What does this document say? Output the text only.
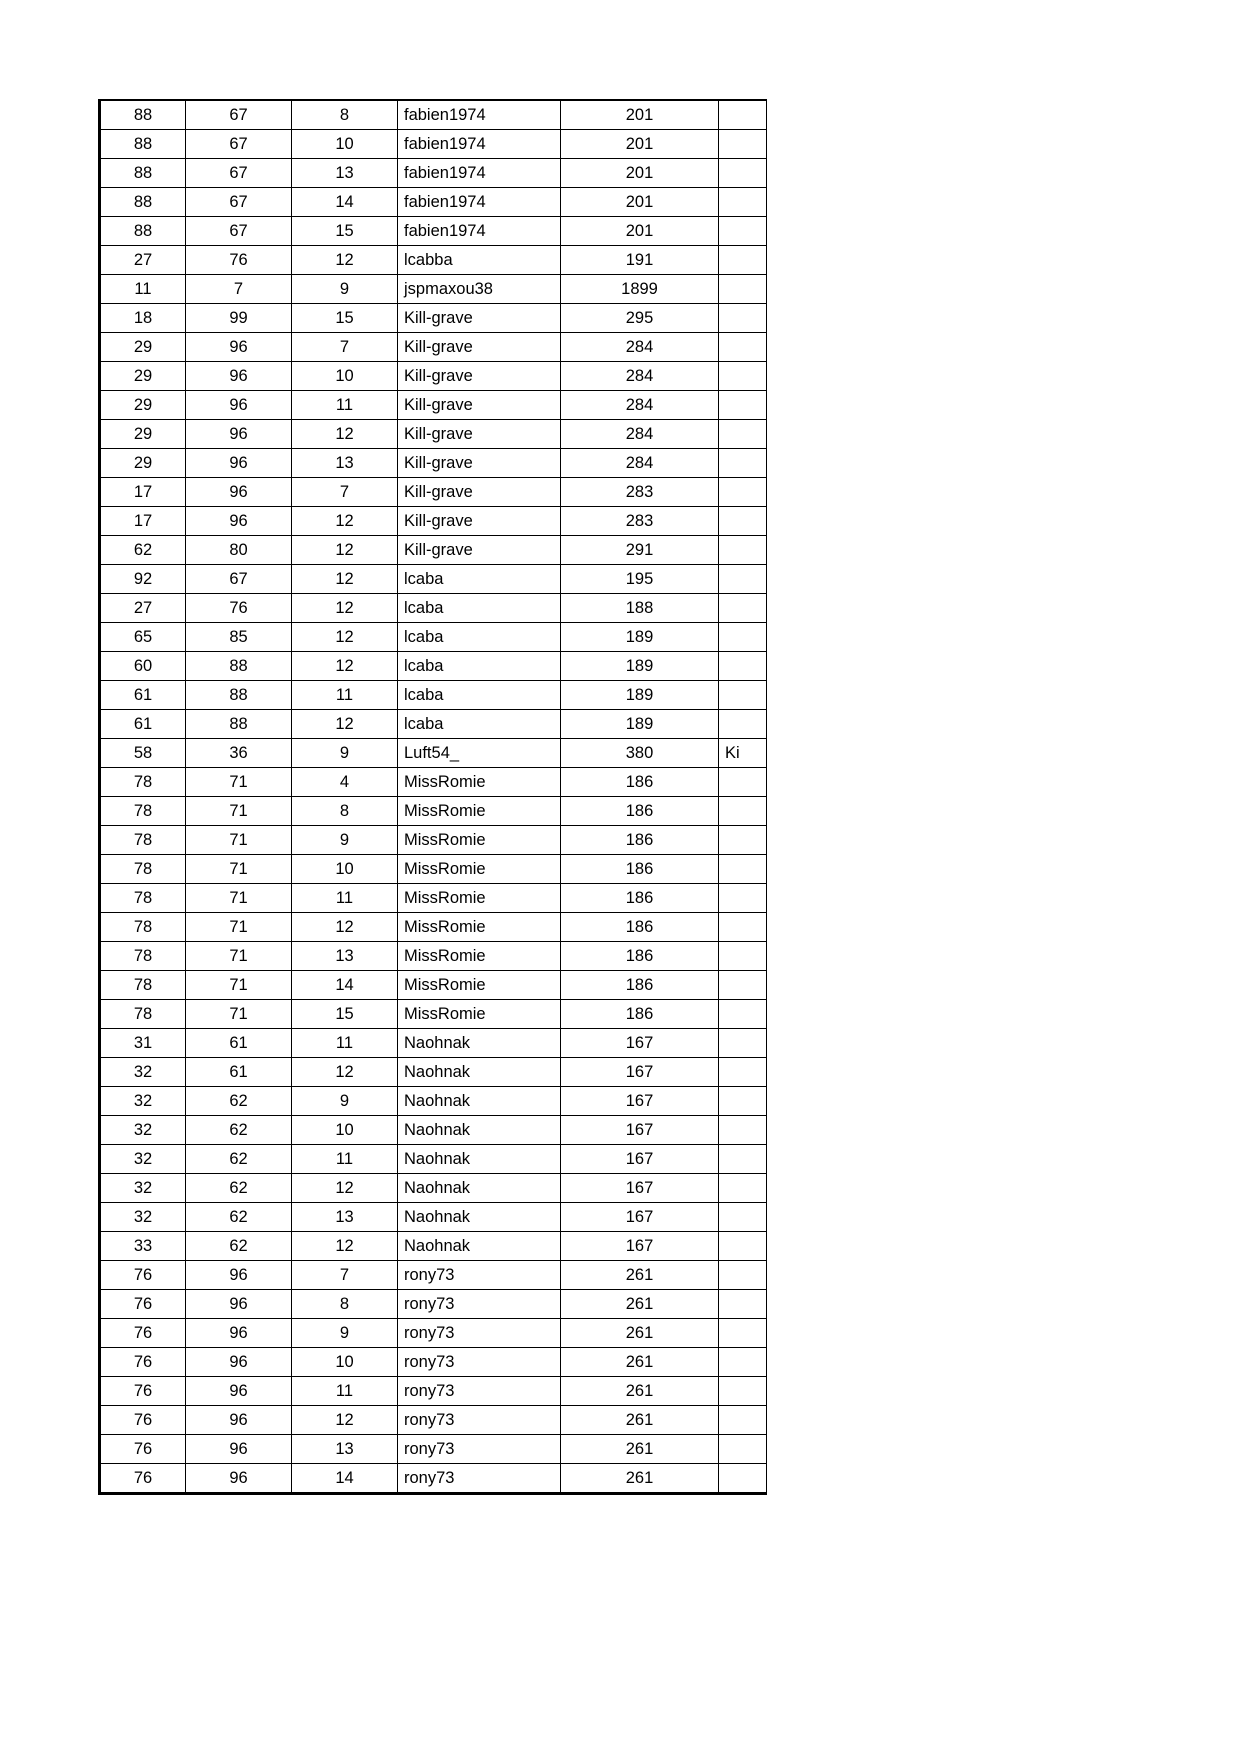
88	67	8	fabien1974	201	
88	67	10	fabien1974	201	
88	67	13	fabien1974	201	
88	67	14	fabien1974	201	
88	67	15	fabien1974	201	
27	76	12	lcabba	191	
11	7	9	jspmaxou38	1899	
18	99	15	Kill-grave	295	
29	96	7	Kill-grave	284	
29	96	10	Kill-grave	284	
29	96	11	Kill-grave	284	
29	96	12	Kill-grave	284	
29	96	13	Kill-grave	284	
17	96	7	Kill-grave	283	
17	96	12	Kill-grave	283	
62	80	12	Kill-grave	291	
92	67	12	lcaba	195	
27	76	12	lcaba	188	
65	85	12	lcaba	189	
60	88	12	lcaba	189	
61	88	11	lcaba	189	
61	88	12	lcaba	189	
58	36	9	Luft54_	380	Ki
78	71	4	MissRomie	186	
78	71	8	MissRomie	186	
78	71	9	MissRomie	186	
78	71	10	MissRomie	186	
78	71	11	MissRomie	186	
78	71	12	MissRomie	186	
78	71	13	MissRomie	186	
78	71	14	MissRomie	186	
78	71	15	MissRomie	186	
31	61	11	Naohnak	167	
32	61	12	Naohnak	167	
32	62	9	Naohnak	167	
32	62	10	Naohnak	167	
32	62	11	Naohnak	167	
32	62	12	Naohnak	167	
32	62	13	Naohnak	167	
33	62	12	Naohnak	167	
76	96	7	rony73	261	
76	96	8	rony73	261	
76	96	9	rony73	261	
76	96	10	rony73	261	
76	96	11	rony73	261	
76	96	12	rony73	261	
76	96	13	rony73	261	
76	96	14	rony73	261	
